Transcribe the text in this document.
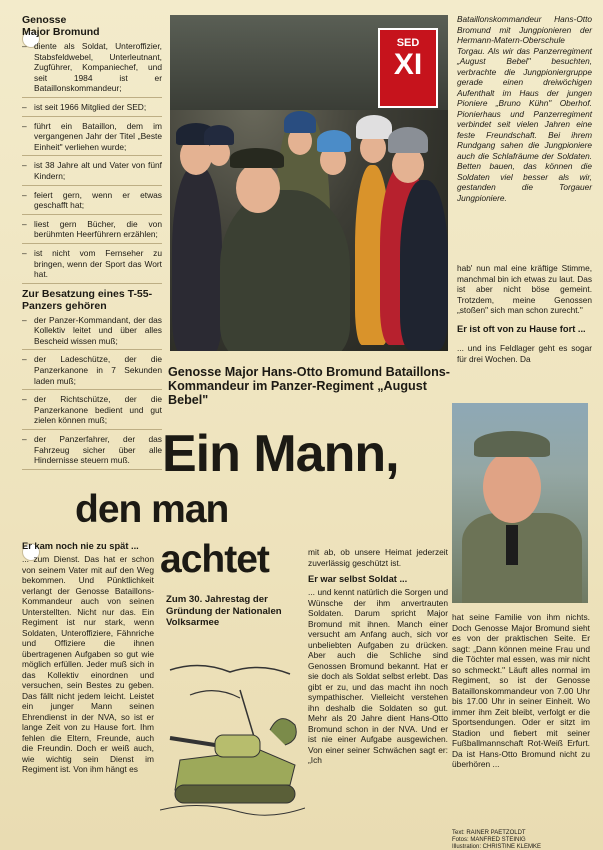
Genosse
Major Bromund
– diente als Soldat, Unteroffizier, Stabsfeldwebel, Unterleutnant, Zugführer, Kompaniechef, und seit 1984 ist er Bataillonskommandeur;
– ist seit 1966 Mitglied der SED;
– führt ein Bataillon, dem im vergangenen Jahr der Titel „Beste Einheit" verliehen wurde;
– ist 38 Jahre alt und Vater von fünf Kindern;
– feiert gern, wenn er etwas geschafft hat;
– liest gern Bücher, die von berühmten Heerführern erzählen;
– ist nicht vom Fernseher zu bringen, wenn der Sport das Wort hat.
Zur Besatzung eines T-55-Panzers gehören
– der Panzer-Kommandant, der das Kollektiv leitet und über alles Bescheid wissen muß;
– der Ladeschütze, der die Panzerkanone in 7 Sekunden laden muß;
– der Richtschütze, der die Panzerkanone bedient und gut zielen können muß;
– der Panzerfahrer, der das Fahrzeug sicher über alle Hindernisse steuern muß.
SED
XI
Bataillonskommandeur Hans-Otto Bromund mit Jungpionieren der Hermann-Matern-Oberschule Torgau. Als wir das Panzerregiment „August Bebel" besuchten, verbrachte die Jungpioniergruppe gerade einen dreiwöchigen Aufenthalt im Haus der jungen Pioniere „Bruno Kühn" Oberhof. Pionierhaus und Panzerregiment verbindet seit vielen Jahren eine feste Freundschaft. Bei ihrem Rundgang sahen die Jungpioniere auch die Schlafräume der Soldaten. Betten bauen, das können die Soldaten viel besser als wir, gestanden die Torgauer Jungpioniere.

hab' nun mal eine kräftige Stimme, manchmal bin ich etwas zu laut. Das ist aber nicht böse gemeint. Trotzdem, meine Genossen „stoßen" sich man schon zurecht."

Er ist oft von zu Hause fort ...

... und ins Feldlager geht es sogar für drei Wochen. Da

Genosse Major Hans-Otto Bromund Bataillons-Kommandeur im Panzer-Regiment „August Bebel"
Ein Mann,
den man
achtet
Er kam noch nie zu spät ...

... zum Dienst. Das hat er schon von seinem Vater mit auf den Weg bekommen. Und Pünktlichkeit verlangt der Genosse Bataillons-Kommandeur auch von seinen Unterstellten. Nicht nur das. Ein Regiment ist nur stark, wenn Soldaten, Unteroffiziere, Fähnriche und Offiziere die ihnen übertragenen Aufgaben so gut wie möglich erfüllen. Jeder muß sich in das Kollektiv einordnen und versuchen, sein Bestes zu geben. Das fällt nicht jedem leicht. Leistet ein junger Mann seinen Ehrendienst in der NVA, so ist er lange Zeit von zu Hause fort. Ihm fehlen die Eltern, Freunde, auch die Freundin. Doch er weiß auch, wie wichtig sein Dienst im Regiment ist. Von ihm hängt es

Zum 30. Jahrestag der Gründung der Nationalen Volksarmee

mit ab, ob unsere Heimat jederzeit zuverlässig geschützt ist.

Er war selbst Soldat ...

... und kennt natürlich die Sorgen und Wünsche der ihm anvertrauten Soldaten. Darum spricht Major Bromund mit ihnen. Manch einer versucht am Anfang auch, sich vor unbeliebten Aufgaben zu drücken. Aber auch die Schliche sind Genossen Bromund bekannt. Hat er sie doch als Soldat selbst erlebt. Das gibt er zu, und das macht ihn noch sympathischer. Vielleicht verstehen ihn deshalb die Soldaten so gut. Mehr als 20 Jahre dient Hans-Otto Bromund schon in der NVA. Und er ist nie einer Aufgabe ausgewichen. Von einer seiner Schwächen sagt er: „Ich

hat seine Familie von ihm nichts. Doch Genosse Major Bromund sieht es von der praktischen Seite. Er sagt: „Dann können meine Frau und die Töchter mal essen, was mir nicht so schmeckt." Läuft alles normal im Regiment, so ist der Genosse Bataillonskommandeur von 7.00 Uhr bis 17.00 Uhr in seiner Einheit. Wo immer ihm Zeit bleibt, verfolgt er die Sportsendungen. Oder er sitzt im Stadion und fiebert mit seiner Fußballmannschaft Rot-Weiß Erfurt. Da ist Hans-Otto Bromund nicht zu überhören ...

Text: RAINER PAETZOLDT
Fotos: MANFRED STEINIG
Illustration: CHRISTINE KLEMKE
